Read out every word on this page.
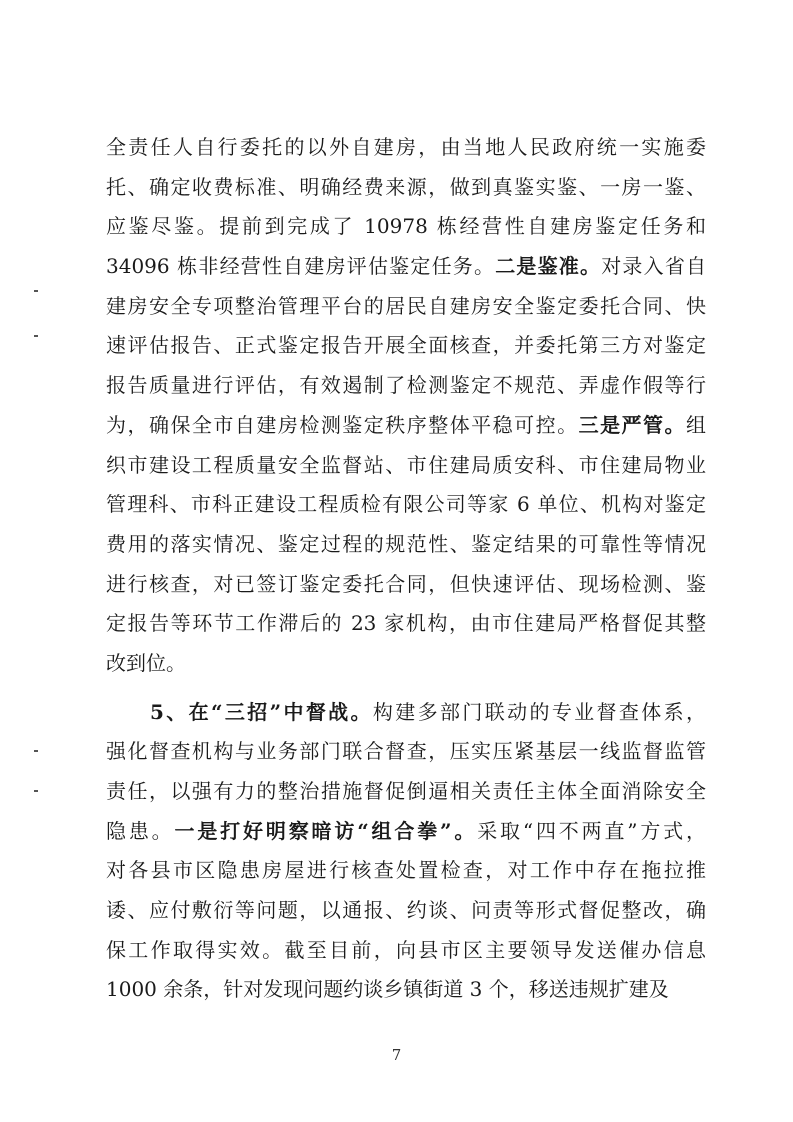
全责任人自行委托的以外自建房，由当地人民政府统一实施委
托、确定收费标准、明确经费来源，做到真鉴实鉴、一房一鉴、
应鉴尽鉴。提前到完成了 10978 栋经营性自建房鉴定任务和
34096 栋非经营性自建房评估鉴定任务。二是鉴准。对录入省自
建房安全专项整治管理平台的居民自建房安全鉴定委托合同、快
速评估报告、正式鉴定报告开展全面核查，并委托第三方对鉴定
报告质量进行评估，有效遏制了检测鉴定不规范、弄虚作假等行
为，确保全市自建房检测鉴定秩序整体平稳可控。三是严管。组
织市建设工程质量安全监督站、市住建局质安科、市住建局物业
管理科、市科正建设工程质检有限公司等家 6 单位、机构对鉴定
费用的落实情况、鉴定过程的规范性、鉴定结果的可靠性等情况
进行核查，对已签订鉴定委托合同，但快速评估、现场检测、鉴
定报告等环节工作滞后的 23 家机构，由市住建局严格督促其整
改到位。
5、在“三招”中督战。构建多部门联动的专业督查体系，
强化督查机构与业务部门联合督查，压实压紧基层一线监督监管
责任，以强有力的整治措施督促倒逼相关责任主体全面消除安全
隐患。一是打好明察暗访“组合拳”。采取“四不两直”方式，
对各县市区隐患房屋进行核查处置检查，对工作中存在拖拉推
诿、应付敷衍等问题，以通报、约谈、问责等形式督促整改，确
保工作取得实效。截至目前，向县市区主要领导发送催办信息
1000 余条，针对发现问题约谈乡镇街道 3 个，移送违规扩建及
7
